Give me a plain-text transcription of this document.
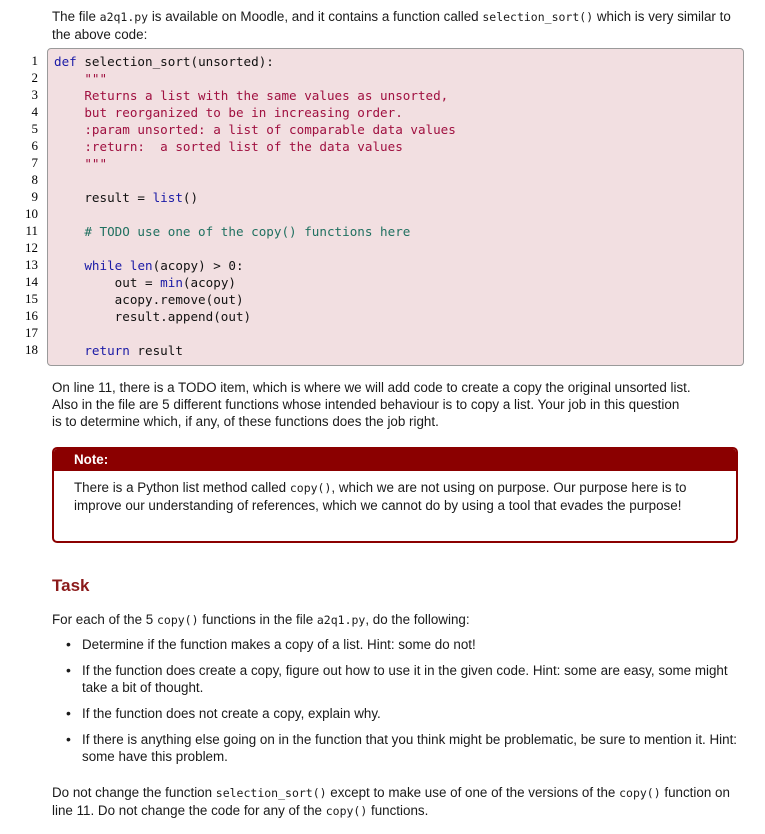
The file a2q1.py is available on Moodle, and it contains a function called selection_sort() which is very similar to the above code:
1
2
3
4
5
6
7
8
9
10
11
12
13
14
15
16
17
18
def selection_sort(unsorted):
"""
Returns a list with the same values as unsorted,
but reorganized to be in increasing order.
:param unsorted: a list of comparable data values
:return:  a sorted list of the data values
"""
result = list()
# TODO use one of the copy() functions here
while len(acopy) > 0:
out = min(acopy)
acopy.remove(out)
result.append(out)
return result
On line 11, there is a TODO item, which is where we will add code to create a copy the original unsorted list.
Also in the file are 5 different functions whose intended behaviour is to copy a list. Your job in this question
is to determine which, if any, of these functions does the job right.
Note:
There is a Python list method called copy(), which we are not using on purpose. Our purpose here is to improve our understanding of references, which we cannot do by using a tool that evades the purpose!
Task
For each of the 5 copy() functions in the file a2q1.py, do the following:
• Determine if the function makes a copy of a list. Hint: some do not!
• If the function does create a copy, figure out how to use it in the given code. Hint: some are easy, some might take a bit of thought.
• If the function does not create a copy, explain why.
• If there is anything else going on in the function that you think might be problematic, be sure to mention it. Hint: some have this problem.
Do not change the function selection_sort() except to make use of one of the versions of the copy() function on line 11. Do not change the code for any of the copy() functions.
